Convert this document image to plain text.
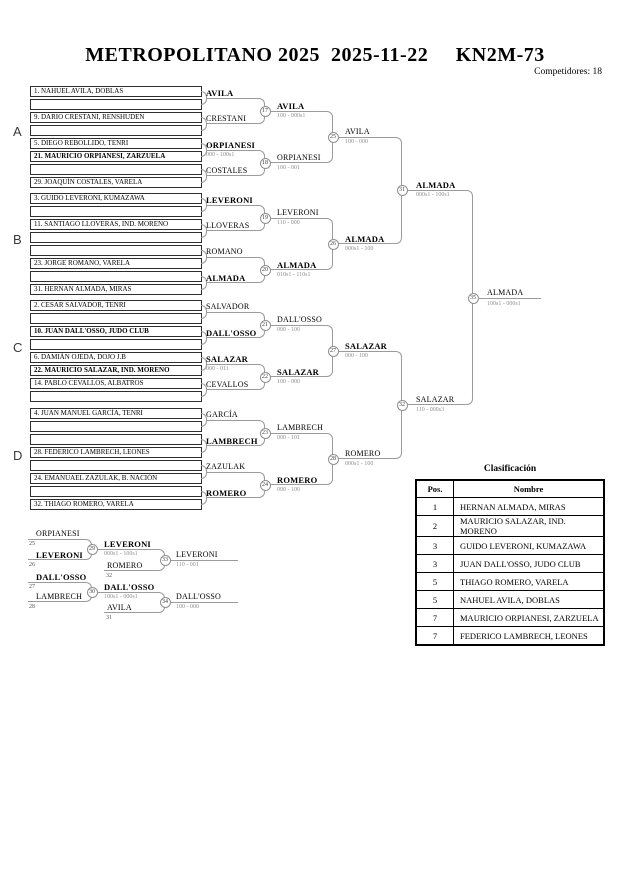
METROPOLITANO 2025  2025-11-22     KN2M-73
Competidores: 18
A
B
C
D
Clasificación
Pos.	Nombre
1	HERNAN ALMADA, MIRAS
2	MAURICIO SALAZAR, IND. MORENO
3	GUIDO LEVERONI, KUMAZAWA
3	JUAN DALL'OSSO, JUDO CLUB
5	THIAGO ROMERO, VARELA
5	NAHUEL AVILA, DOBLAS
7	MAURICIO ORPIANESI, ZARZUELA
7	FEDERICO LAMBRECH, LEONES
1. NAHUEL AVILA, DOBLAS	AVILA
9. DARIO CRESTANI, RENSHUDEN	CRESTANI
5. DIEGO REBOLLIDO, TENRI
21. MAURICIO ORPIANESI, ZARZUELA
ORPIANESI
000 - 100s1
29. JOAQUÍN COSTALES, VARELA
COSTALES
3. GUIDO LEVERONI, KUMAZAWA	LEVERONI
11. SANTIAGO LLOVERAS, IND. MORENO	LLOVERAS
23. JORGE ROMANO, VARELA
ROMANO
31. HERNAN ALMADA, MIRAS
ALMADA
2. CESAR SALVADOR, TENRI	SALVADOR
10. JUAN DALL'OSSO, JUDO CLUB	DALL'OSSO
6. DAMIÁN OJEDA, DOJO J.B
22. MAURICIO SALAZAR, IND. MORENO
SALAZAR
000 - 011
14. PABLO CEVALLOS, ALBATROS	CEVALLOS
4. JUAN MANUEL GARCÍA, TENRI	GARCÍA
28. FEDERICO LAMBRECH, LEONES
LAMBRECH
24. EMANUAEL ZAZULAK, B. NACIÓN
ZAZULAK
32. THIAGO ROMERO, VARELA
ROMERO
AVILA
100 - 000s1
17
ORPIANESI
100 - 001
18
LEVERONI
110 - 000
19
ALMADA
010s1 - 110s1
20
DALL'OSSO
000 - 100
21
SALAZAR
100 - 000
22
LAMBRECH
000 - 101
23
ROMERO
000 - 100
24
AVILA
100 - 000
25
ALMADA
000s1 - 100
26
SALAZAR
000 - 100
27
ROMERO
000s1 - 100
28
ALMADA
000s1 - 100s1
31
SALAZAR
110 - 000s3
32
ALMADA
100s1 - 000s1
35
ORPIANESI
25
LEVERONI
26
LEVERONI
000s1 - 100s1
29
ROMERO
32
LEVERONI
110 - 001
33
DALL'OSSO
27
LAMBRECH
28
DALL'OSSO
100s1 - 000s1
30
AVILA
31
DALL'OSSO
100 - 000
34
